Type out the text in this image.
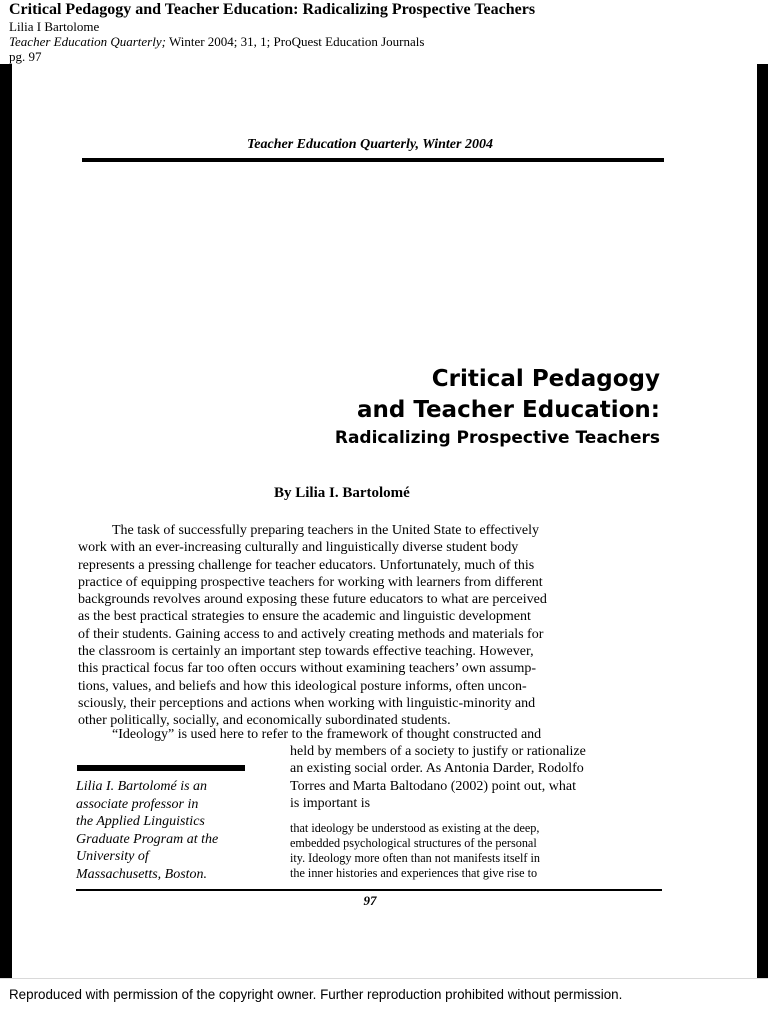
Critical Pedagogy and Teacher Education: Radicalizing Prospective Teachers
Lilia I Bartolome
Teacher Education Quarterly; Winter 2004; 31, 1; ProQuest Education Journals
pg. 97
Teacher Education Quarterly, Winter 2004
Critical Pedagogy
and Teacher Education:
Radicalizing Prospective Teachers
By Lilia I. Bartolomé
The task of successfully preparing teachers in the United State to effectively
work with an ever-increasing culturally and linguistically diverse student body
represents a pressing challenge for teacher educators. Unfortunately, much of this
practice of equipping prospective teachers for working with learners from different
backgrounds revolves around exposing these future educators to what are perceived
as the best practical strategies to ensure the academic and linguistic development
of their students. Gaining access to and actively creating methods and materials for
the classroom is certainly an important step towards effective teaching. However,
this practical focus far too often occurs without examining teachers’ own assump-
tions, values, and beliefs and how this ideological posture informs, often uncon-
sciously, their perceptions and actions when working with linguistic-minority and
other politically, socially, and economically subordinated students.
“Ideology” is used here to refer to the framework of thought constructed and
held by members of a society to justify or rationalize
an existing social order. As Antonia Darder, Rodolfo
Torres and Marta Baltodano (2002) point out, what
is important is
that ideology be understood as existing at the deep,
embedded psychological structures of the personal
ity. Ideology more often than not manifests itself in
the inner histories and experiences that give rise to
Lilia I. Bartolomé is an
associate professor in
the Applied Linguistics
Graduate Program at the
University of
Massachusetts, Boston.
97
Reproduced with permission of the copyright owner. Further reproduction prohibited without permission.
